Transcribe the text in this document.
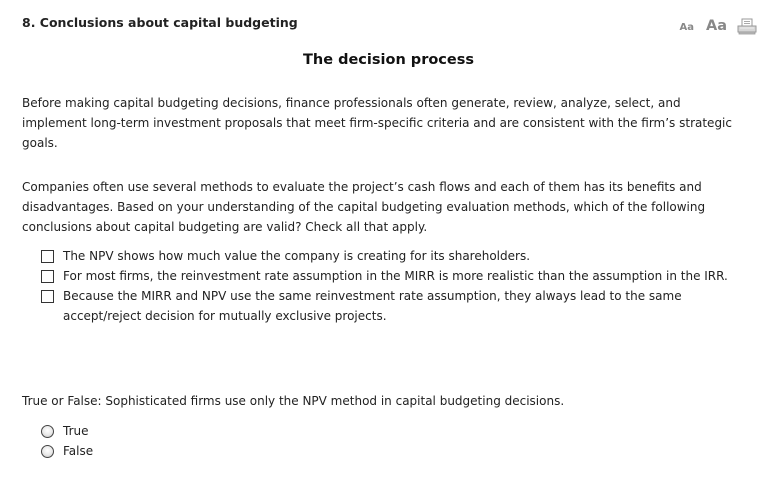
8. Conclusions about capital budgeting	Aa Aa
The decision process

Before making capital budgeting decisions, finance professionals often generate, review, analyze, select, and implement long-term investment proposals that meet firm-specific criteria and are consistent with the firm’s strategic goals.

Companies often use several methods to evaluate the project’s cash flows and each of them has its benefits and disadvantages. Based on your understanding of the capital budgeting evaluation methods, which of the following conclusions about capital budgeting are valid? Check all that apply.

The NPV shows how much value the company is creating for its shareholders.
For most firms, the reinvestment rate assumption in the MIRR is more realistic than the assumption in the IRR.
Because the MIRR and NPV use the same reinvestment rate assumption, they always lead to the same accept/reject decision for mutually exclusive projects.

True or False: Sophisticated firms use only the NPV method in capital budgeting decisions.

True
False
